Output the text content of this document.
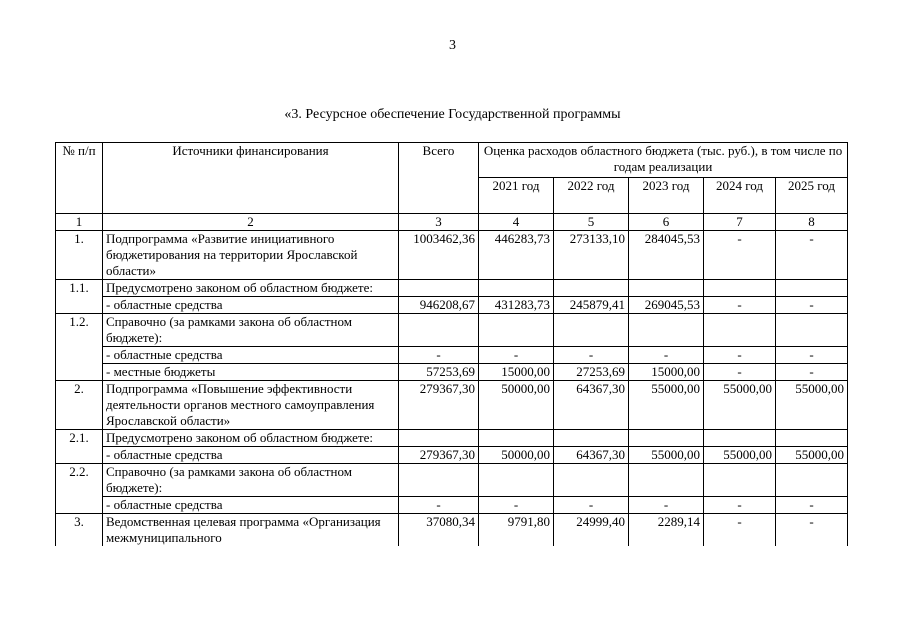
3
«3. Ресурсное обеспечение Государственной программы
№ п/п	Источники финансирования	Всего	Оценка расходов областного бюджета (тыс. руб.), в том числе по годам реализации				
			2021 год	2022 год	2023 год	2024 год	2025 год
1	2	3	4	5	6	7	8
1.	Подпрограмма «Развитие инициативного бюджетирования на территории Ярославской области»	1003462,36	446283,73	273133,10	284045,53	-	-
1.1.	Предусмотрено законом об областном бюджете:						
	- областные средства	946208,67	431283,73	245879,41	269045,53	-	-
1.2.	Справочно (за рамками закона об областном бюджете):						
	- областные средства	-	-	-	-	-	-
	- местные бюджеты	57253,69	15000,00	27253,69	15000,00	-	-
2.	Подпрограмма «Повышение эффективности деятельности органов местного самоуправления Ярославской области»	279367,30	50000,00	64367,30	55000,00	55000,00	55000,00
2.1.	Предусмотрено законом об областном бюджете:						
	- областные средства	279367,30	50000,00	64367,30	55000,00	55000,00	55000,00
2.2.	Справочно (за рамками закона об областном бюджете):						
	- областные средства	-	-	-	-	-	-
3.	Ведомственная целевая программа «Организация межмуниципального	37080,34	9791,80	24999,40	2289,14	-	-
